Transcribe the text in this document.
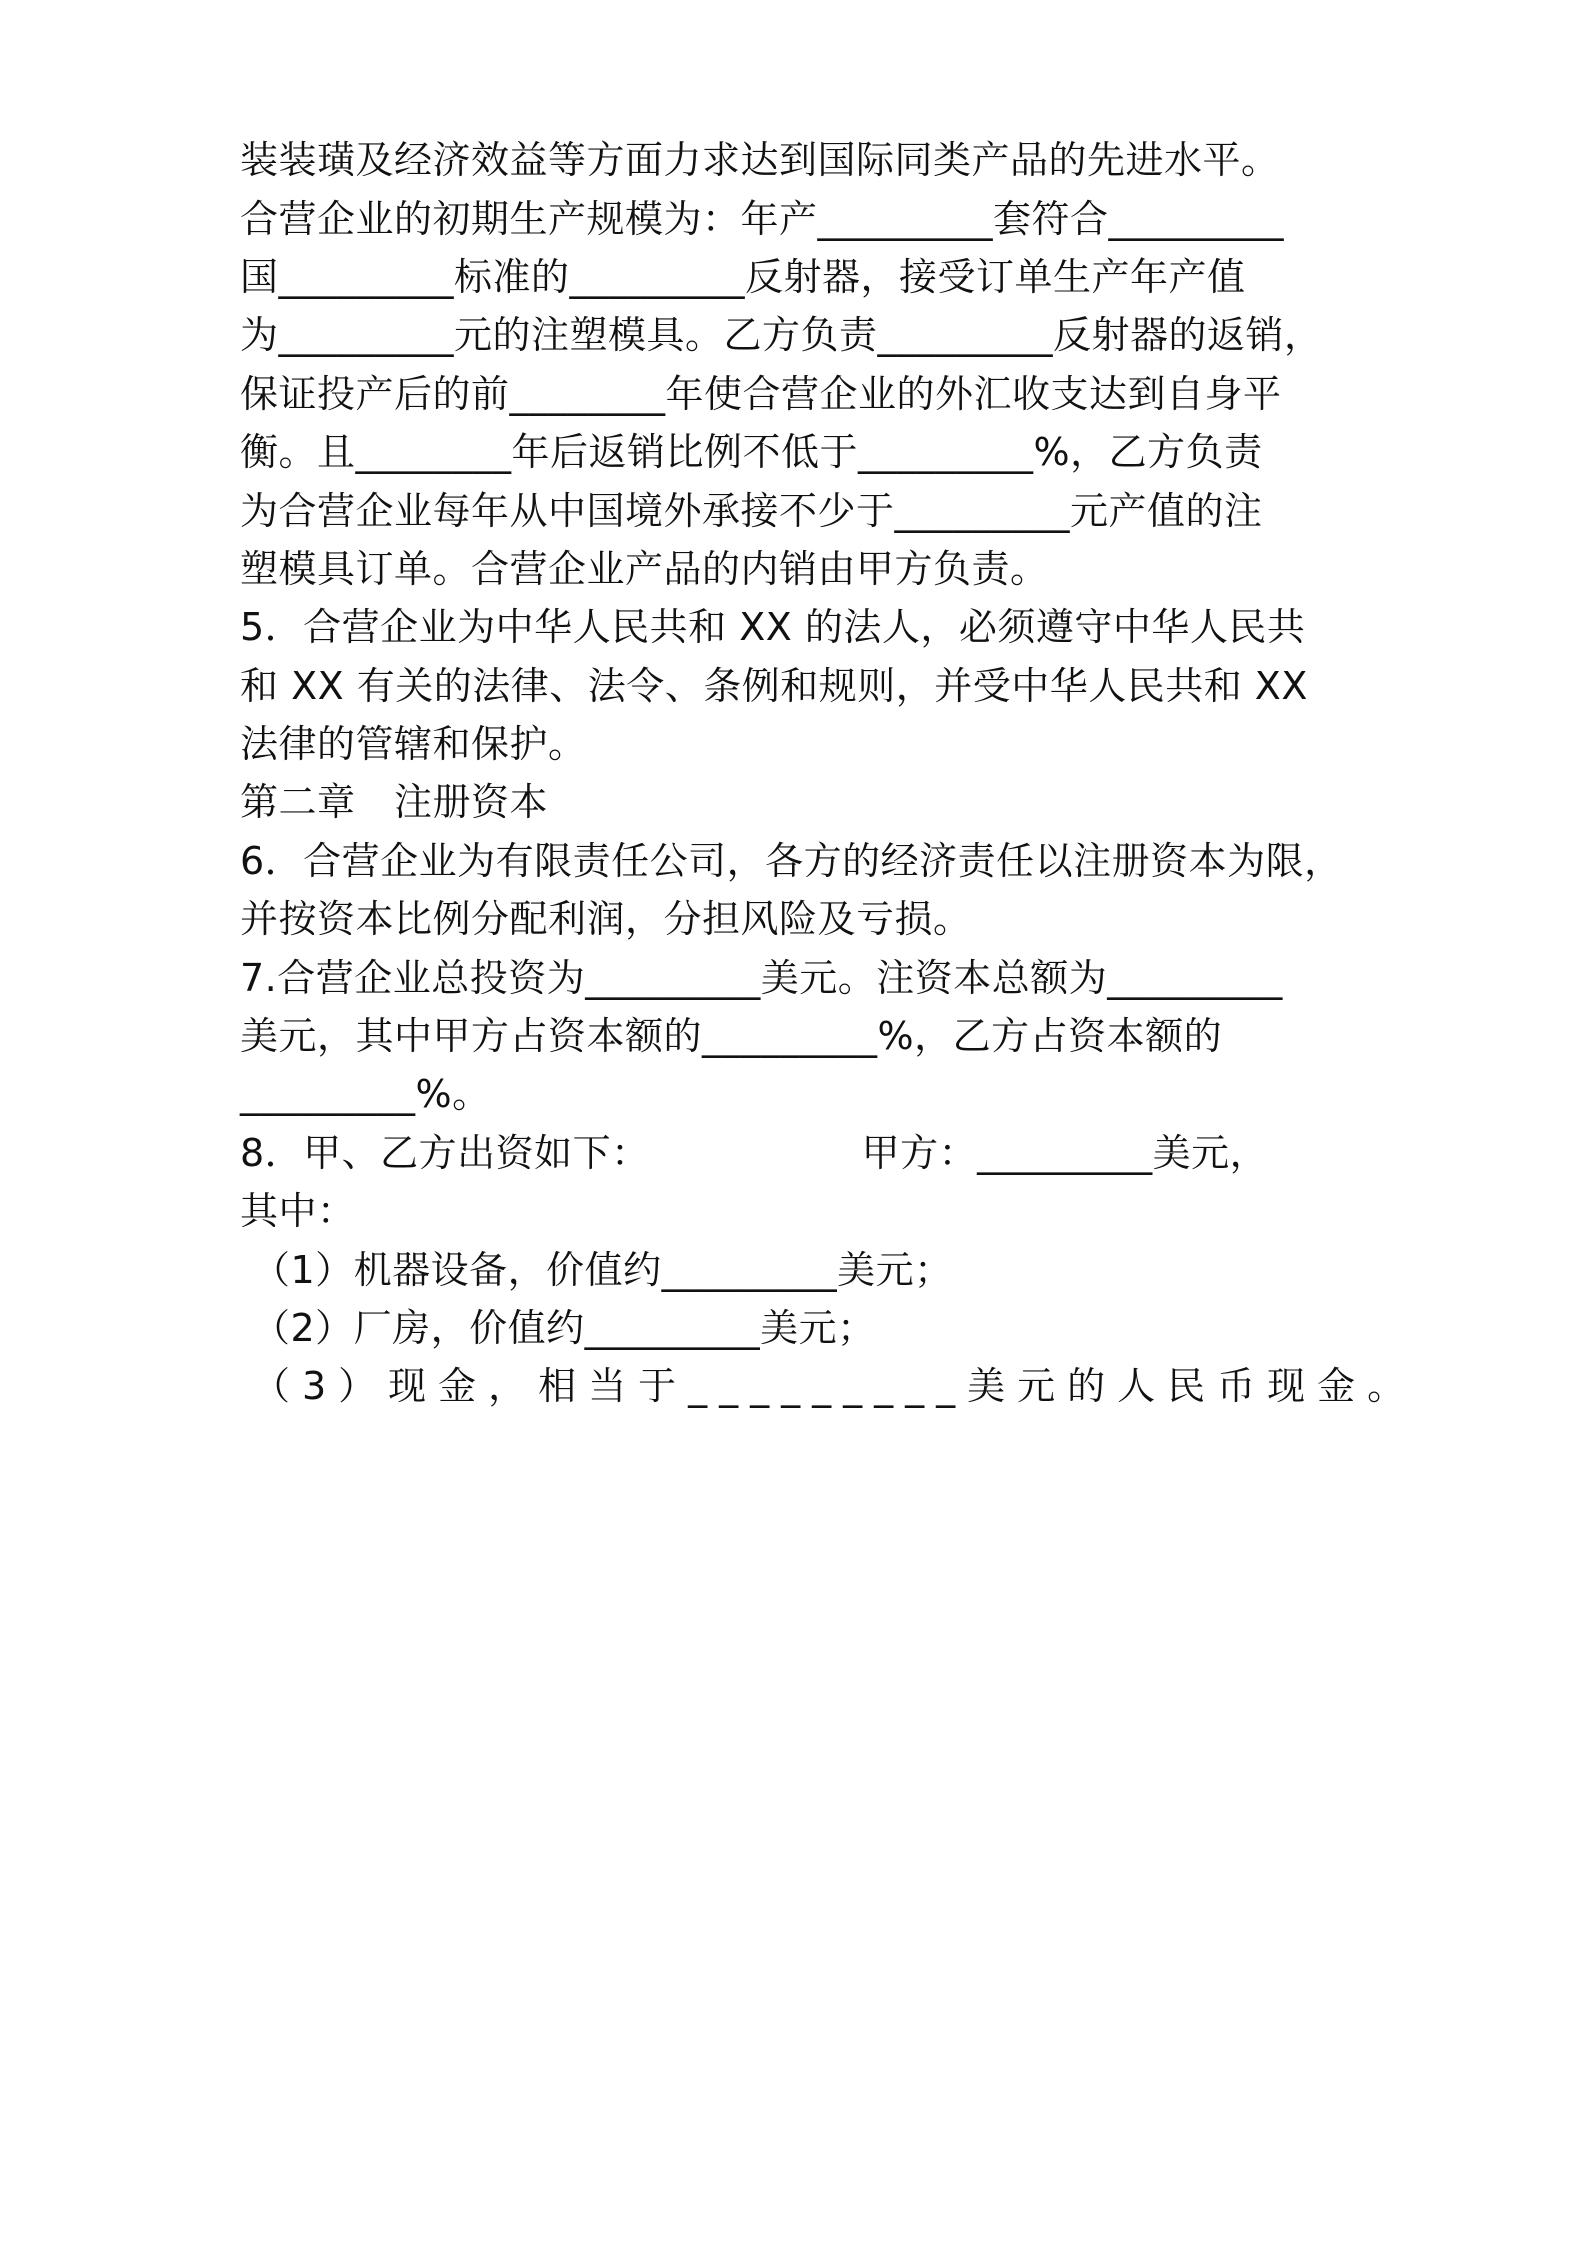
装装璜及经济效益等方面力求达到国际同类产品的先进水平。
合营企业的初期生产规模为：年产_________套符合_________
国_________标准的_________反射器，接受订单生产年产值
为_________元的注塑模具。乙方负责_________反射器的返销，
保证投产后的前________年使合营企业的外汇收支达到自身平
衡。且________年后返销比例不低于_________%，乙方负责
为合营企业每年从中国境外承接不少于_________元产值的注
塑模具订单。合营企业产品的内销由甲方负责。
5．合营企业为中华人民共和 XX 的法人，必须遵守中华人民共
和 XX 有关的法律、法令、条例和规则，并受中华人民共和 XX
法律的管辖和保护。
第二章　注册资本
6．合营企业为有限责任公司，各方的经济责任以注册资本为限，
并按资本比例分配利润，分担风险及亏损。
7.合营企业总投资为_________美元。注资本总额为_________
美元，其中甲方占资本额的_________%，乙方占资本额的
_________%。
8．甲、乙方出资如下：　　　　　　甲方：_________美元，
其中：
（1）机器设备，价值约_________美元；
（2）厂房，价值约_________美元；
（3）现金，相当于_________美元的人民币现金。
